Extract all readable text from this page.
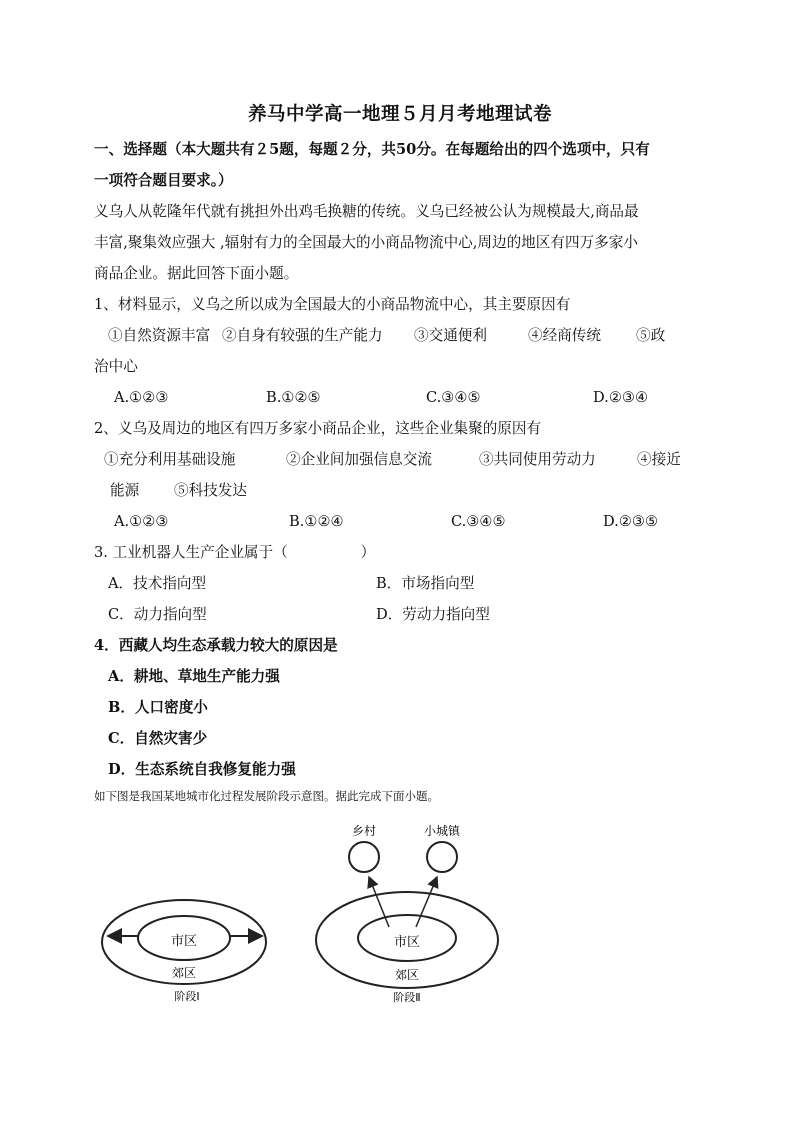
养马中学高一地理５月月考地理试卷
一、选择题（本大题共有２5题，每题２分，共50分。在每题给出的四个选项中，只有
一项符合题目要求。）
义乌人从乾隆年代就有挑担外出鸡毛换糖的传统。义乌已经被公认为规模最大,商品最
丰富,聚集效应强大 ,辐射有力的全国最大的小商品物流中心,周边的地区有四万多家小
商品企业。据此回答下面小题。
1、材料显示，义乌之所以成为全国最大的小商品物流中心，其主要原因有
①自然资源丰富 ②自身有较强的生产能力 ③交通便利	④经商传统 ⑤政
治中心
A.①②③	B.①②⑤	C.③④⑤	D.②③④
2、义乌及周边的地区有四万多家小商品企业，这些企业集聚的原因有
①充分利用基础设施	②企业间加强信息交流	③共同使用劳动力	④接近
能源 ⑤科技发达
A.①②③	B.①②④	C.③④⑤	D.②③⑤
3. 工业机器人生产企业属于（　　　　　）
A．技术指向型	B．市场指向型
C．动力指向型	D．劳动力指向型
4．西藏人均生态承载力较大的原因是
A．耕地、草地生产能力强
B．人口密度小
C．自然灾害少
D．生态系统自我修复能力强
如下图是我国某地城市化过程发展阶段示意图。据此完成下面小题。
市区
郊区
阶段Ⅰ
市区
郊区
阶段Ⅱ
乡村	小城镇
